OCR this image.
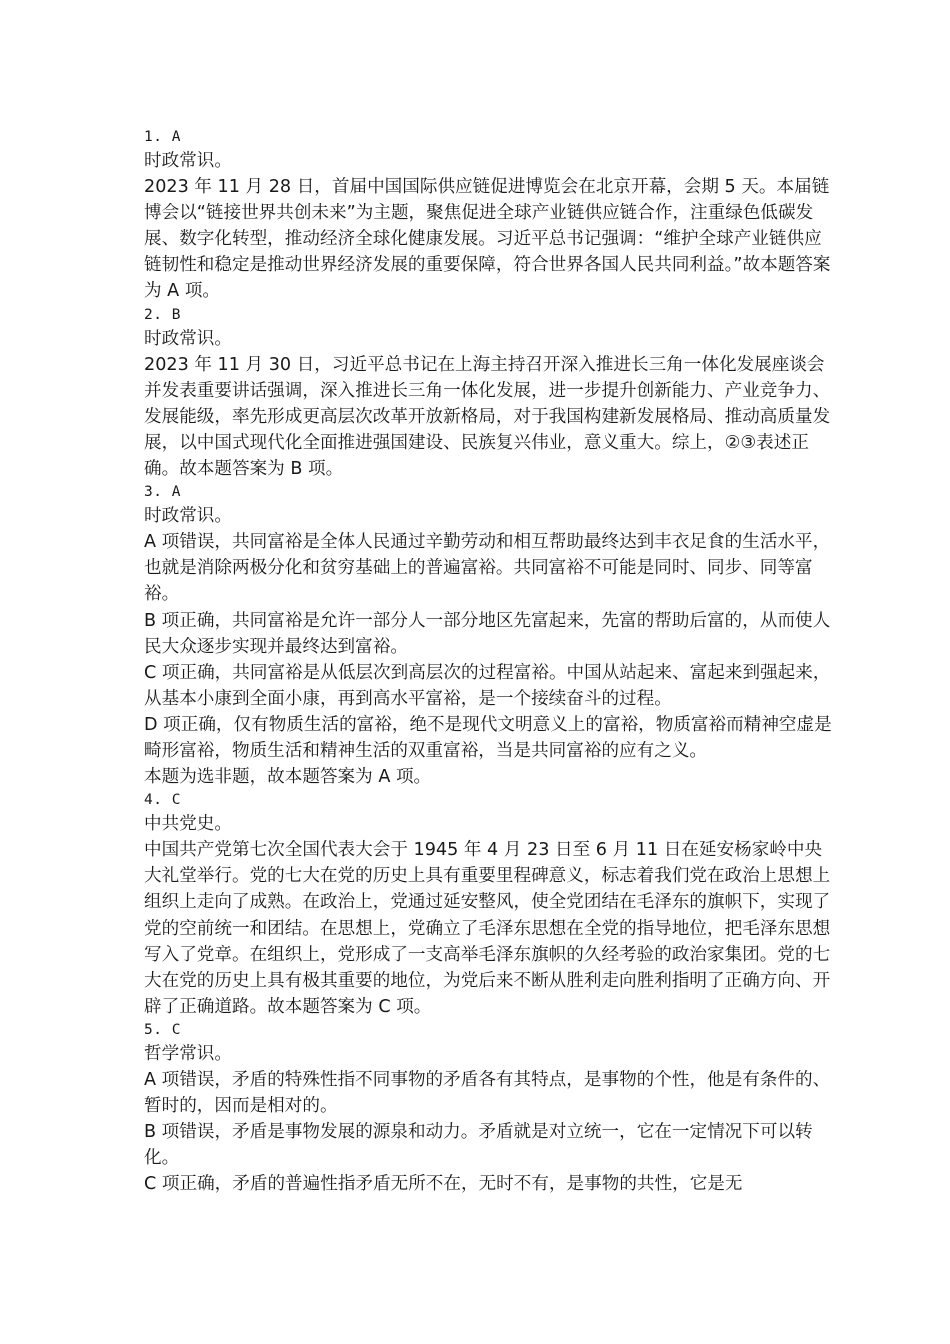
1. A

时政常识。

2023 年 11 月 28 日，首届中国国际供应链促进博览会在北京开幕，会期 5 天。本届链博会以“链接世界共创未来”为主题，聚焦促进全球产业链供应链合作，注重绿色低碳发展、数字化转型，推动经济全球化健康发展。习近平总书记强调：“维护全球产业链供应链韧性和稳定是推动世界经济发展的重要保障，符合世界各国人民共同利益。”故本题答案为 A 项。

2. B

时政常识。

2023 年 11 月 30 日，习近平总书记在上海主持召开深入推进长三角一体化发展座谈会并发表重要讲话强调，深入推进长三角一体化发展，进一步提升创新能力、产业竞争力、发展能级，率先形成更高层次改革开放新格局，对于我国构建新发展格局、推动高质量发展，以中国式现代化全面推进强国建设、民族复兴伟业，意义重大。综上，②③表述正确。故本题答案为 B 项。

3. A

时政常识。

A 项错误，共同富裕是全体人民通过辛勤劳动和相互帮助最终达到丰衣足食的生活水平，也就是消除两极分化和贫穷基础上的普遍富裕。共同富裕不可能是同时、同步、同等富裕。

B 项正确，共同富裕是允许一部分人一部分地区先富起来，先富的帮助后富的，从而使人民大众逐步实现并最终达到富裕。

C 项正确，共同富裕是从低层次到高层次的过程富裕。中国从站起来、富起来到强起来，从基本小康到全面小康，再到高水平富裕，是一个接续奋斗的过程。

D 项正确，仅有物质生活的富裕，绝不是现代文明意义上的富裕，物质富裕而精神空虚是畸形富裕，物质生活和精神生活的双重富裕，当是共同富裕的应有之义。

本题为选非题，故本题答案为 A 项。

4. C

中共党史。

中国共产党第七次全国代表大会于 1945 年 4 月 23 日至 6 月 11 日在延安杨家岭中央大礼堂举行。党的七大在党的历史上具有重要里程碑意义，标志着我们党在政治上思想上组织上走向了成熟。在政治上，党通过延安整风，使全党团结在毛泽东的旗帜下，实现了党的空前统一和团结。在思想上，党确立了毛泽东思想在全党的指导地位，把毛泽东思想写入了党章。在组织上，党形成了一支高举毛泽东旗帜的久经考验的政治家集团。党的七大在党的历史上具有极其重要的地位，为党后来不断从胜利走向胜利指明了正确方向、开辟了正确道路。故本题答案为 C 项。

5. C

哲学常识。

A 项错误，矛盾的特殊性指不同事物的矛盾各有其特点，是事物的个性，他是有条件的、暂时的，因而是相对的。

B 项错误，矛盾是事物发展的源泉和动力。矛盾就是对立统一，它在一定情况下可以转化。

C 项正确，矛盾的普遍性指矛盾无所不在，无时不有，是事物的共性，它是无
